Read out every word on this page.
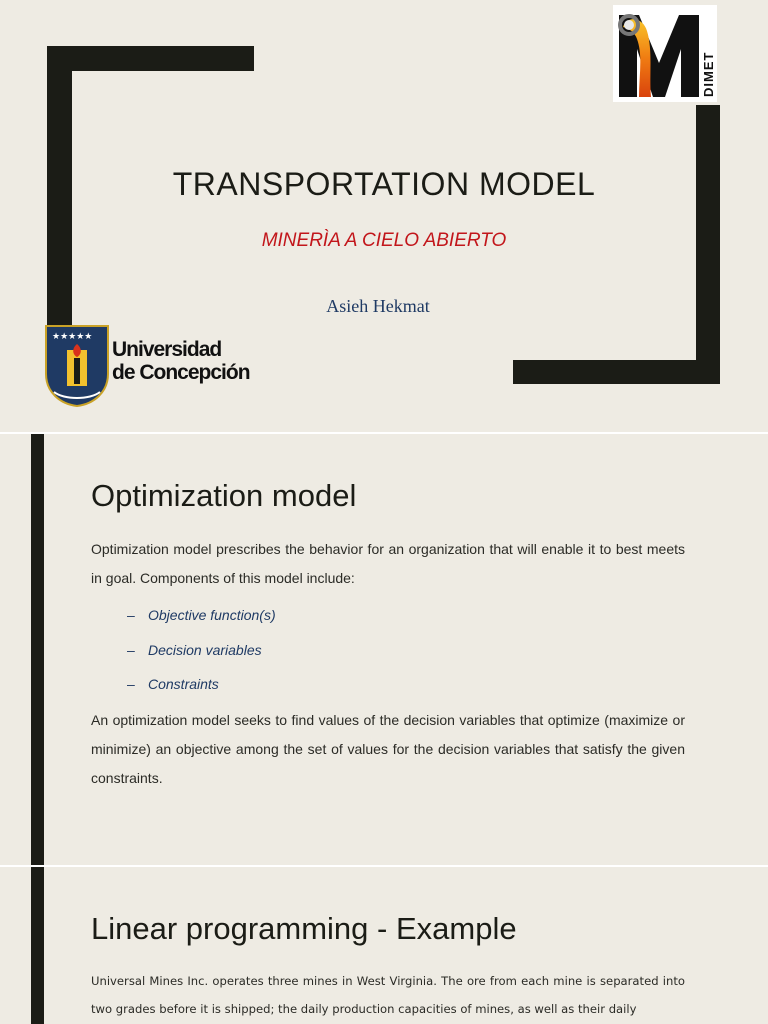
TRANSPORTATION MODEL
MINERÌA A CIELO ABIERTO
Asieh Hekmat
DIMET
★★★★★
Universidad
de Concepción
Optimization model
Optimization model prescribes the behavior for an organization that will enable it to best meets in goal. Components of this model include:
– Objective function(s)
– Decision variables
– Constraints
An optimization model seeks to find values of the decision variables that optimize (maximize or minimize) an objective among the set of values for the decision variables that satisfy the given constraints.
Linear programming - Example
Universal Mines Inc. operates three mines in West Virginia. The ore from each mine is separated into two grades before it is shipped; the daily production capacities of mines, as well as their daily
